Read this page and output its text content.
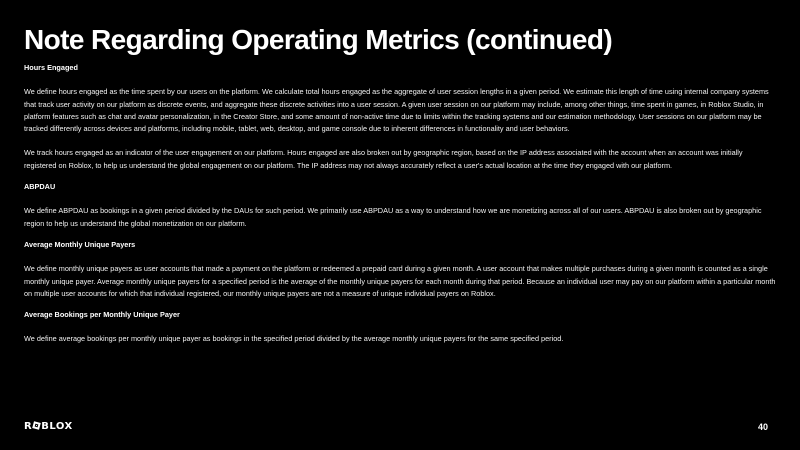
Note Regarding Operating Metrics (continued)

Hours Engaged

We define hours engaged as the time spent by our users on the platform. We calculate total hours engaged as the aggregate of user session lengths in a given period. We estimate this length of time using internal company systems that track user activity on our platform as discrete events, and aggregate these discrete activities into a user session. A given user session on our platform may include, among other things, time spent in games, in Roblox Studio, in platform features such as chat and avatar personalization, in the Creator Store, and some amount of non-active time due to limits within the tracking systems and our estimation methodology. User sessions on our platform may be tracked differently across devices and platforms, including mobile, tablet, web, desktop, and game console due to inherent differences in functionality and user behaviors.

We track hours engaged as an indicator of the user engagement on our platform. Hours engaged are also broken out by geographic region, based on the IP address associated with the account when an account was initially registered on Roblox, to help us understand the global engagement on our platform. The IP address may not always accurately reflect a user's actual location at the time they engaged with our platform.

ABPDAU

We define ABPDAU as bookings in a given period divided by the DAUs for such period. We primarily use ABPDAU as a way to understand how we are monetizing across all of our users. ABPDAU is also broken out by geographic region to help us understand the global monetization on our platform.

Average Monthly Unique Payers

We define monthly unique payers as user accounts that made a payment on the platform or redeemed a prepaid card during a given month. A user account that makes multiple purchases during a given month is counted as a single monthly unique payer. Average monthly unique payers for a specified period is the average of the monthly unique payers for each month during that period. Because an individual user may pay on our platform within a particular month on multiple user accounts for which that individual registered, our monthly unique payers are not a measure of unique individual payers on Roblox.

Average Bookings per Monthly Unique Payer

We define average bookings per monthly unique payer as bookings in the specified period divided by the average monthly unique payers for the same specified period.

R BLOX	40
